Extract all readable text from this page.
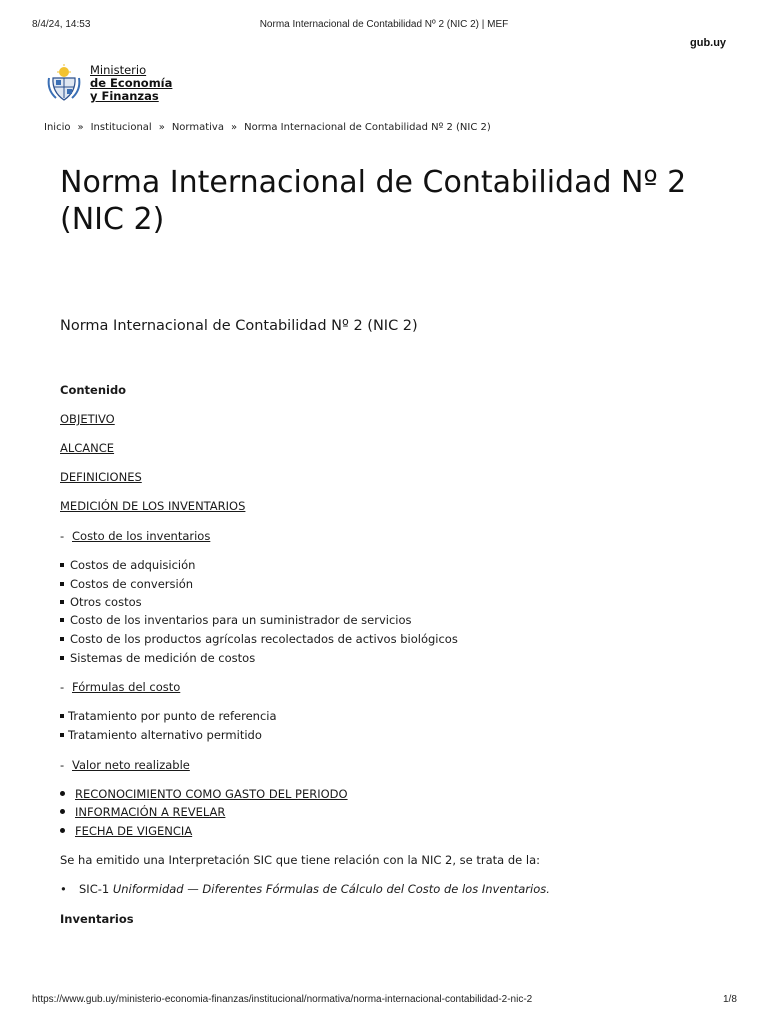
8/4/24, 14:53	Norma Internacional de Contabilidad Nº 2 (NIC 2) | MEF
gub.uy
Ministerio
de Economía
y Finanzas
Inicio » Institucional » Normativa » Norma Internacional de Contabilidad Nº 2 (NIC 2)
Norma Internacional de Contabilidad Nº 2 (NIC 2)
Norma Internacional de Contabilidad Nº 2 (NIC 2)
Contenido
OBJETIVO
ALCANCE
DEFINICIONES
MEDICIÓN DE LOS INVENTARIOS
- Costo de los inventarios
Costos de adquisición
Costos de conversión
Otros costos
Costo de los inventarios para un suministrador de servicios
Costo de los productos agrícolas recolectados de activos biológicos
Sistemas de medición de costos
- Fórmulas del costo
Tratamiento por punto de referencia
Tratamiento alternativo permitido
- Valor neto realizable
RECONOCIMIENTO COMO GASTO DEL PERIODO
INFORMACIÓN A REVELAR
FECHA DE VIGENCIA
Se ha emitido una Interpretación SIC que tiene relación con la NIC 2, se trata de la:
• SIC-1 Uniformidad — Diferentes Fórmulas de Cálculo del Costo de los Inventarios.
Inventarios
https://www.gub.uy/ministerio-economia-finanzas/institucional/normativa/norma-internacional-contabilidad-2-nic-2	1/8
